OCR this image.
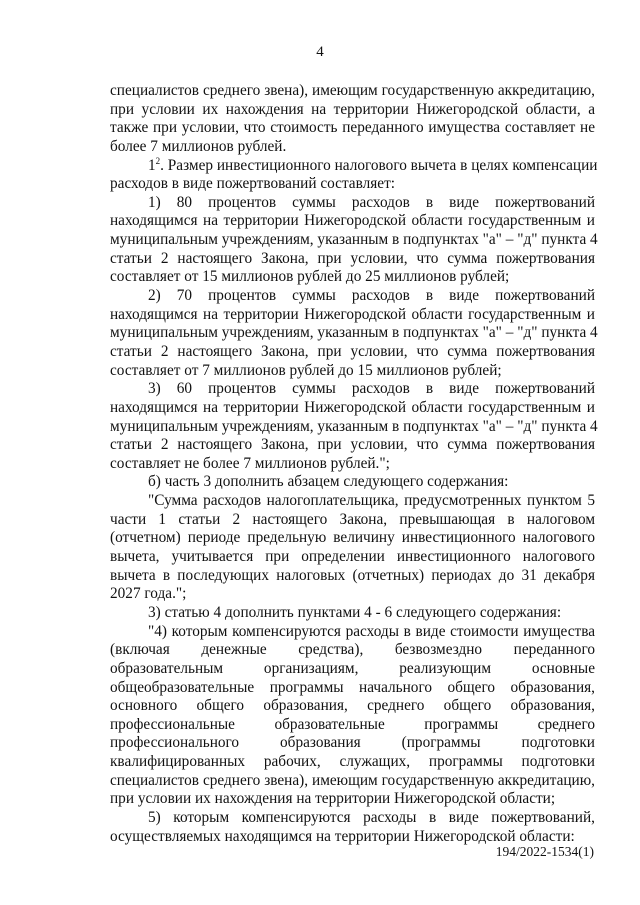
4
специалистов среднего звена), имеющим государственную аккредитацию,
при условии их нахождения на территории Нижегородской области, а
также при условии, что стоимость переданного имущества составляет не
более 7 миллионов рублей.
$1^2$. Размер инвестиционного налогового вычета в целях компенсации
расходов в виде пожертвований составляет:
1) 80 процентов суммы расходов в виде пожертвований
находящимся на территории Нижегородской области государственным и
муниципальным учреждениям, указанным в подпунктах "а" – "д" пункта 4
статьи 2 настоящего Закона, при условии, что сумма пожертвования
составляет от 15 миллионов рублей до 25 миллионов рублей;
2) 70 процентов суммы расходов в виде пожертвований
находящимся на территории Нижегородской области государственным и
муниципальным учреждениям, указанным в подпунктах "а" – "д" пункта 4
статьи 2 настоящего Закона, при условии, что сумма пожертвования
составляет от 7 миллионов рублей до 15 миллионов рублей;
3) 60 процентов суммы расходов в виде пожертвований
находящимся на территории Нижегородской области государственным и
муниципальным учреждениям, указанным в подпунктах "а" – "д" пункта 4
статьи 2 настоящего Закона, при условии, что сумма пожертвования
составляет не более 7 миллионов рублей.";
б) часть 3 дополнить абзацем следующего содержания:
"Сумма расходов налогоплательщика, предусмотренных пунктом 5
части 1 статьи 2 настоящего Закона, превышающая в налоговом
(отчетном) периоде предельную величину инвестиционного налогового
вычета, учитывается при определении инвестиционного налогового
вычета в последующих налоговых (отчетных) периодах до 31 декабря
2027 года.";
3) статью 4 дополнить пунктами 4 - 6 следующего содержания:
"4) которым компенсируются расходы в виде стоимости имущества
(включая денежные средства), безвозмездно переданного
образовательным организациям, реализующим основные
общеобразовательные программы начального общего образования,
основного общего образования, среднего общего образования,
профессиональные образовательные программы среднего
профессионального образования (программы подготовки
квалифицированных рабочих, служащих, программы подготовки
специалистов среднего звена), имеющим государственную аккредитацию,
при условии их нахождения на территории Нижегородской области;
5) которым компенсируются расходы в виде пожертвований,
осуществляемых находящимся на территории Нижегородской области:
194/2022-1534(1)
